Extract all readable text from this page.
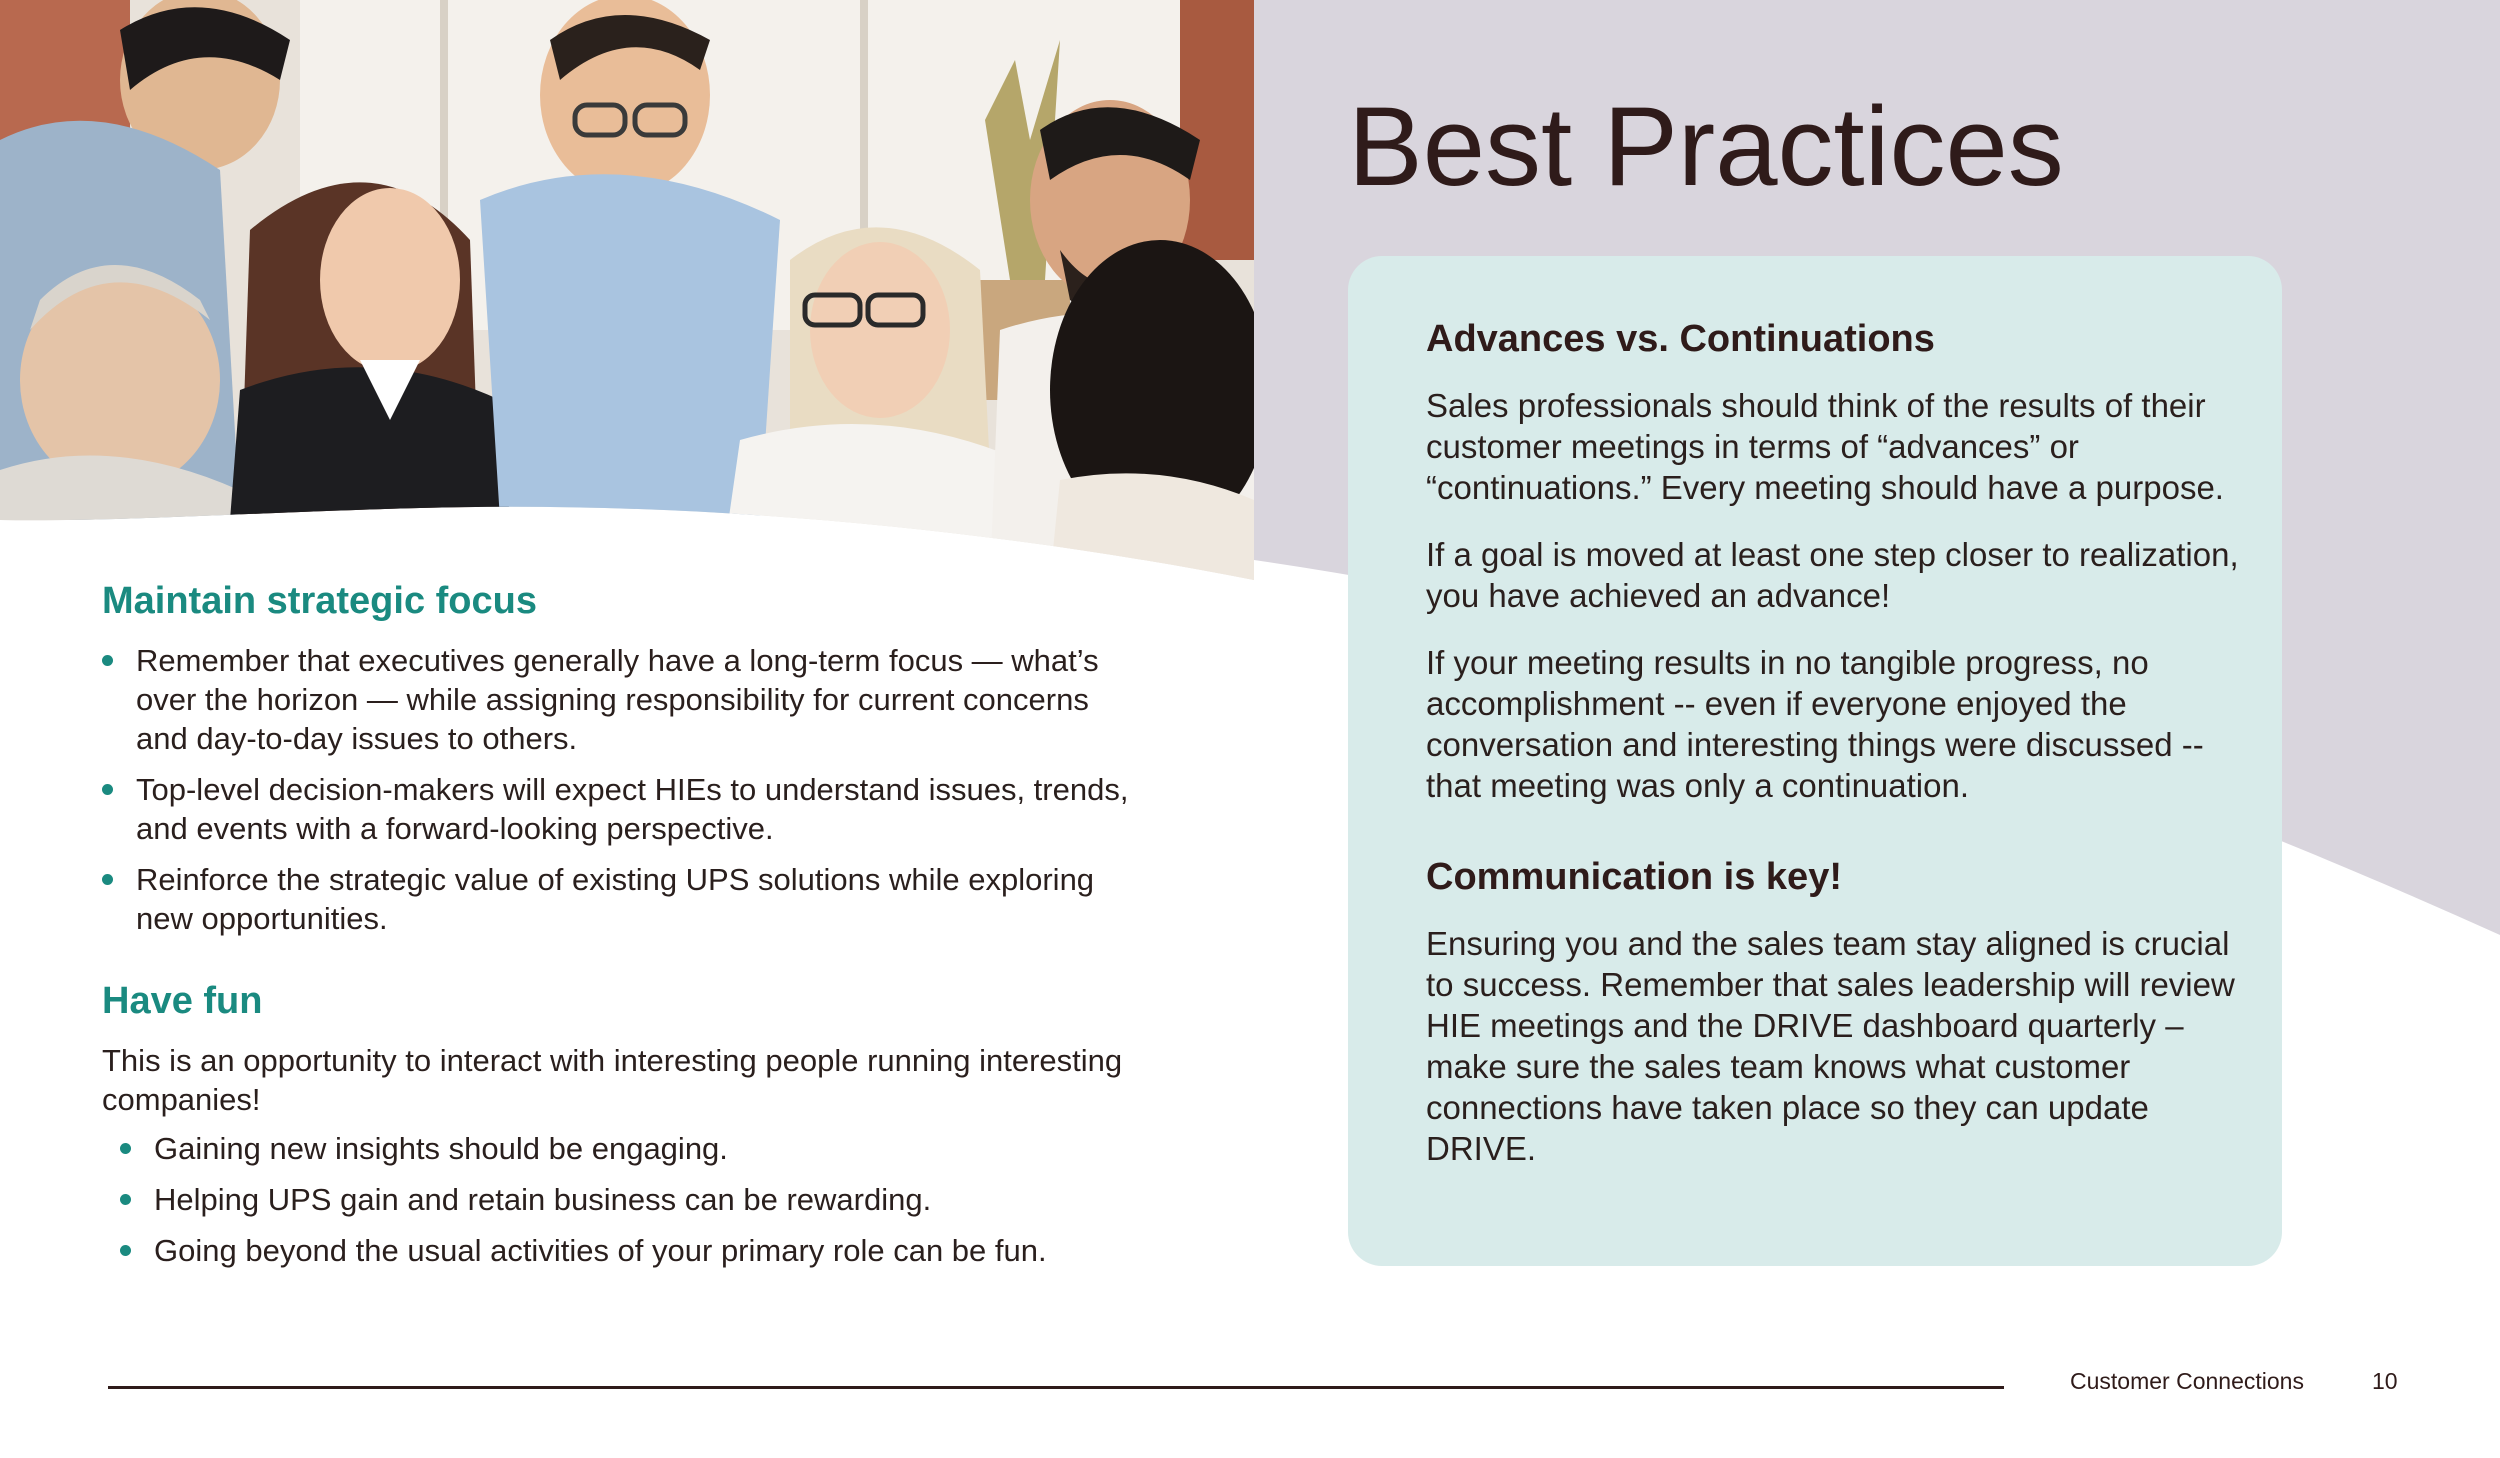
Best Practices
Advances vs. Continuations

Sales professionals should think of the results of their customer meetings in terms of “advances” or “continuations.” Every meeting should have a purpose.

If a goal is moved at least one step closer to realization, you have achieved an advance!

If your meeting results in no tangible progress, no accomplishment -- even if everyone enjoyed the conversation and interesting things were discussed -- that meeting was only a continuation.

Communication is key!

Ensuring you and the sales team stay aligned is crucial to success. Remember that sales leadership will review HIE meetings and the DRIVE dashboard quarterly – make sure the sales team knows what customer connections have taken place so they can update DRIVE.

Maintain strategic focus
Remember that executives generally have a long-term focus — what’s over the horizon — while assigning responsibility for current concerns and day-to-day issues to others.
Top-level decision-makers will expect HIEs to understand issues, trends, and events with a forward-looking perspective.
Reinforce the strategic value of existing UPS solutions while exploring new opportunities.
Have fun

This is an opportunity to interact with interesting people running interesting companies!

Gaining new insights should be engaging.
Helping UPS gain and retain business can be rewarding.
Going beyond the usual activities of your primary role can be fun.
Customer Connections	10
